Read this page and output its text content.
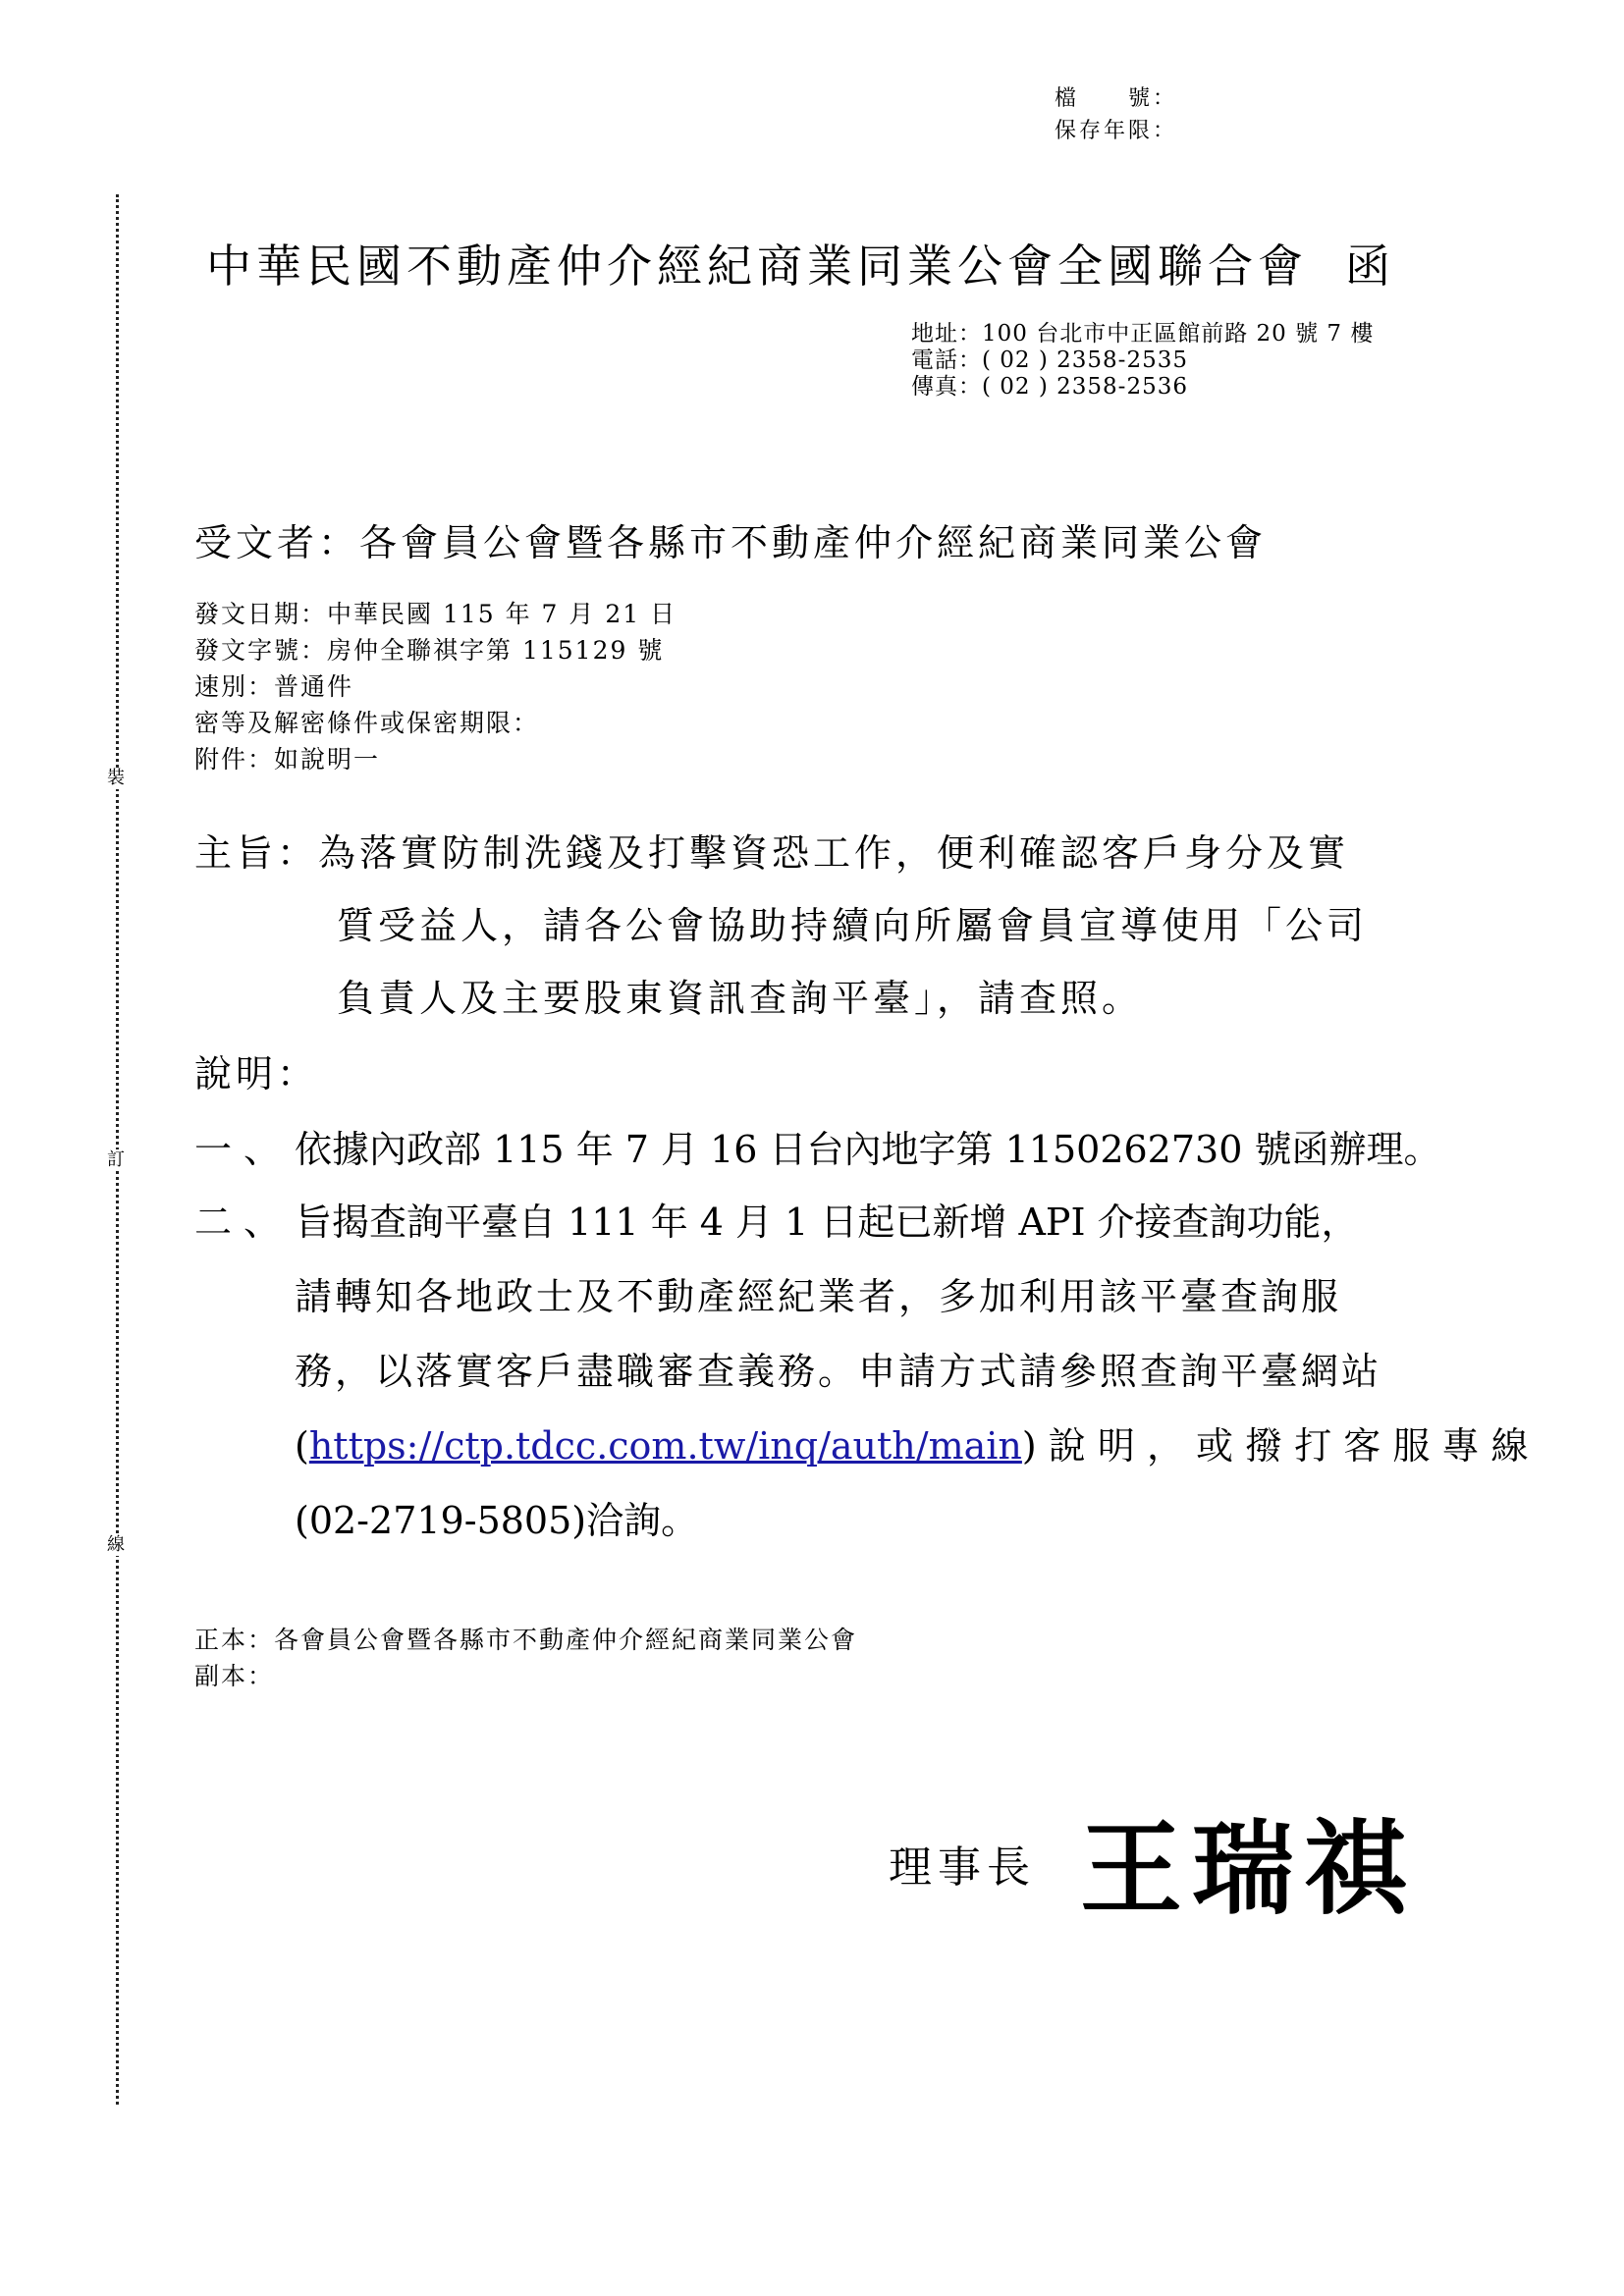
裝
訂
線
檔　　號：
保存年限：
中華民國不動產仲介經紀商業同業公會全國聯合會 函
地址：100 台北市中正區館前路 20 號 7 樓
電話：( 02 ) 2358-2535
傳真：( 02 ) 2358-2536
受文者：各會員公會暨各縣市不動產仲介經紀商業同業公會
發文日期：中華民國 115 年 7 月 21 日
發文字號：房仲全聯祺字第 115129 號
速別：普通件
密等及解密條件或保密期限：
附件：如說明一
主旨：為落實防制洗錢及打擊資恐工作，便利確認客戶身分及實
質受益人，請各公會協助持續向所屬會員宣導使用「公司
負責人及主要股東資訊查詢平臺」，請查照。
說明：
一、 依據內政部 115 年 7 月 16 日台內地字第 1150262730 號函辦理。
二、 旨揭查詢平臺自 111 年 4 月 1 日起已新增 API 介接查詢功能，
請轉知各地政士及不動產經紀業者，多加利用該平臺查詢服
務，以落實客戶盡職審查義務。申請方式請參照查詢平臺網站
(https://ctp.tdcc.com.tw/inq/auth/main) 說 明 ， 或 撥 打 客 服 專 線
(02-2719-5805)洽詢。
正本：各會員公會暨各縣市不動產仲介經紀商業同業公會
副本：
理事長 王瑞祺
